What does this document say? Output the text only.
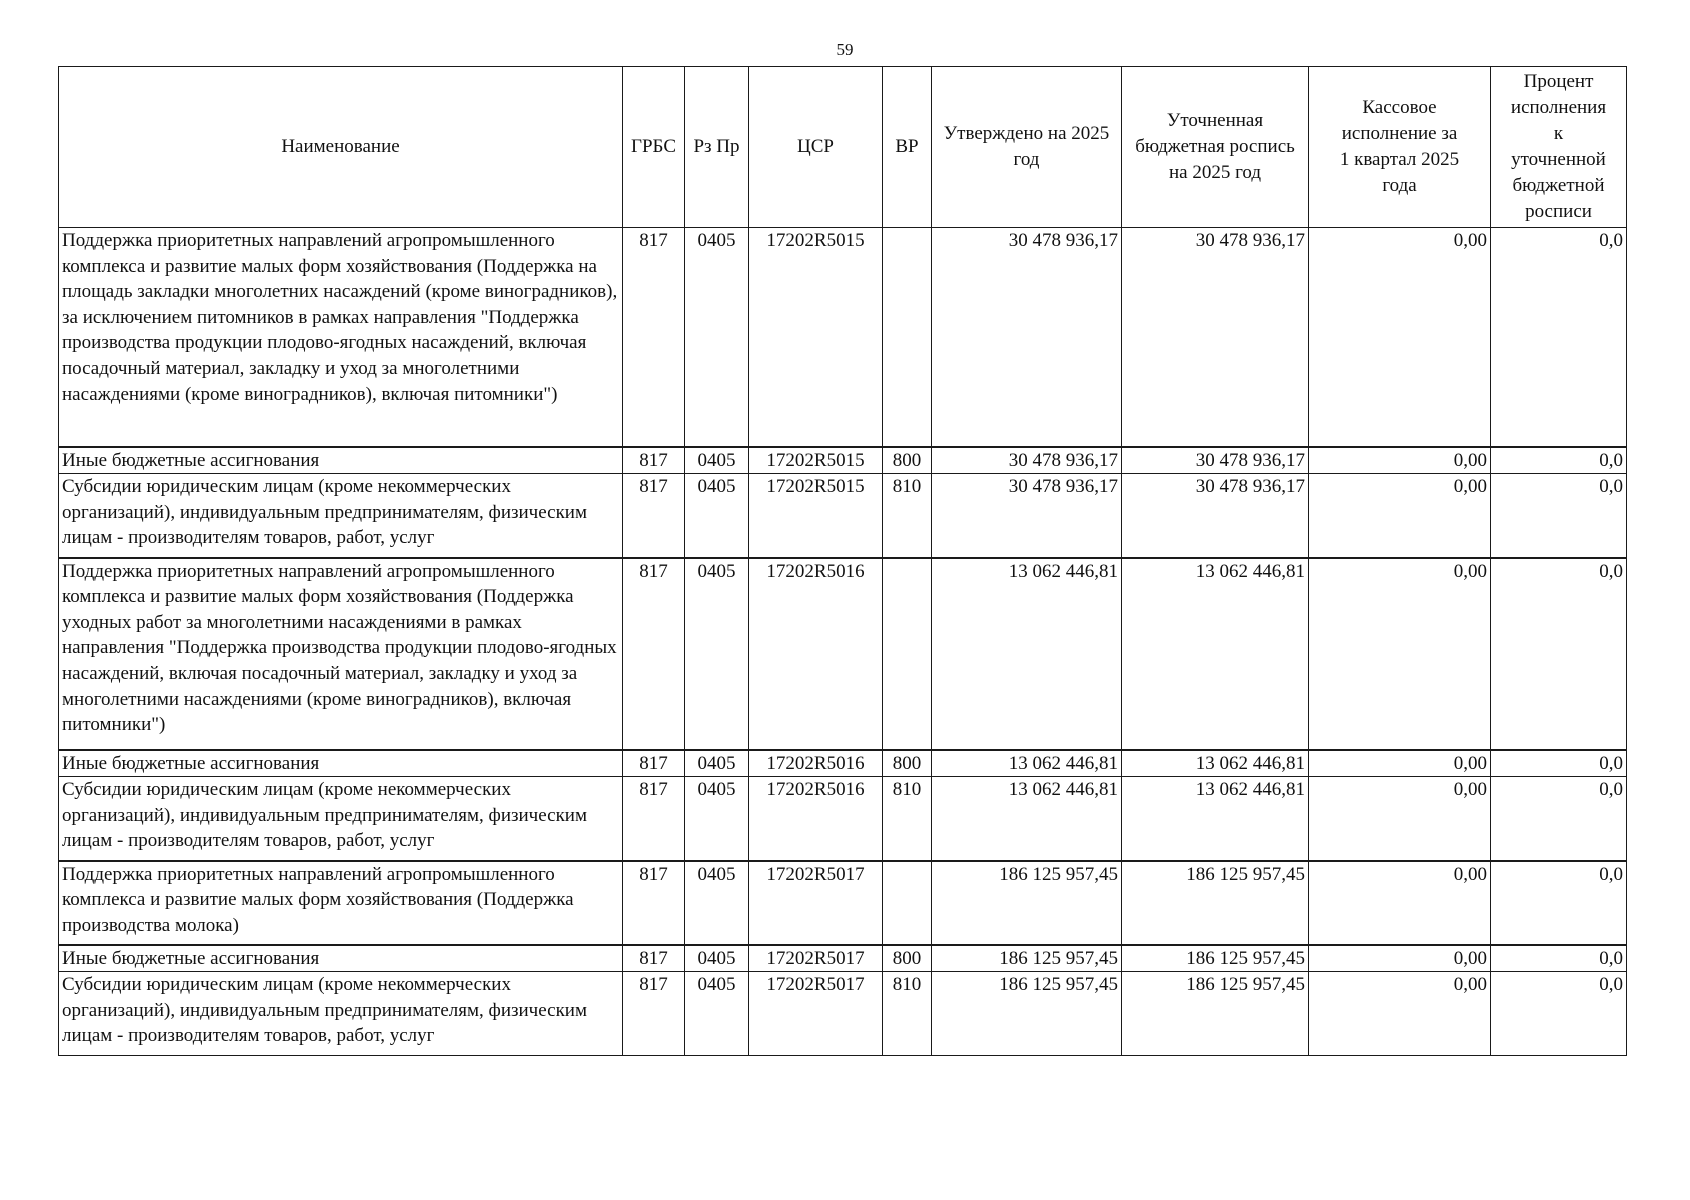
59
Наименование	ГРБС	Рз Пр	ЦСР	ВР	Утверждено на 2025 год	Уточненная бюджетная роспись на 2025 год	Кассовое исполнение за 1 квартал 2025 года	Процент исполнения к уточненной бюджетной росписи
Поддержка приоритетных направлений агропромышленного комплекса и развитие малых форм хозяйствования (Поддержка на площадь закладки многолетних насаждений (кроме виноградников), за исключением питомников в рамках направления "Поддержка производства продукции плодово-ягодных насаждений, включая посадочный материал, закладку и уход за многолетними насаждениями (кроме виноградников), включая питомники")	817	0405	17202R5015		30 478 936,17	30 478 936,17	0,00	0,0
Иные бюджетные ассигнования	817	0405	17202R5015	800	30 478 936,17	30 478 936,17	0,00	0,0
Субсидии юридическим лицам (кроме некоммерческих организаций), индивидуальным предпринимателям, физическим лицам - производителям товаров, работ, услуг	817	0405	17202R5015	810	30 478 936,17	30 478 936,17	0,00	0,0
Поддержка приоритетных направлений агропромышленного комплекса и развитие малых форм хозяйствования (Поддержка уходных работ за многолетними насаждениями в рамках направления "Поддержка производства продукции плодово-ягодных насаждений, включая посадочный материал, закладку и уход за многолетними насаждениями (кроме виноградников), включая питомники")	817	0405	17202R5016		13 062 446,81	13 062 446,81	0,00	0,0
Иные бюджетные ассигнования	817	0405	17202R5016	800	13 062 446,81	13 062 446,81	0,00	0,0
Субсидии юридическим лицам (кроме некоммерческих организаций), индивидуальным предпринимателям, физическим лицам - производителям товаров, работ, услуг	817	0405	17202R5016	810	13 062 446,81	13 062 446,81	0,00	0,0
Поддержка приоритетных направлений агропромышленного комплекса и развитие малых форм хозяйствования (Поддержка производства молока)	817	0405	17202R5017		186 125 957,45	186 125 957,45	0,00	0,0
Иные бюджетные ассигнования	817	0405	17202R5017	800	186 125 957,45	186 125 957,45	0,00	0,0
Субсидии юридическим лицам (кроме некоммерческих организаций), индивидуальным предпринимателям, физическим лицам - производителям товаров, работ, услуг	817	0405	17202R5017	810	186 125 957,45	186 125 957,45	0,00	0,0
